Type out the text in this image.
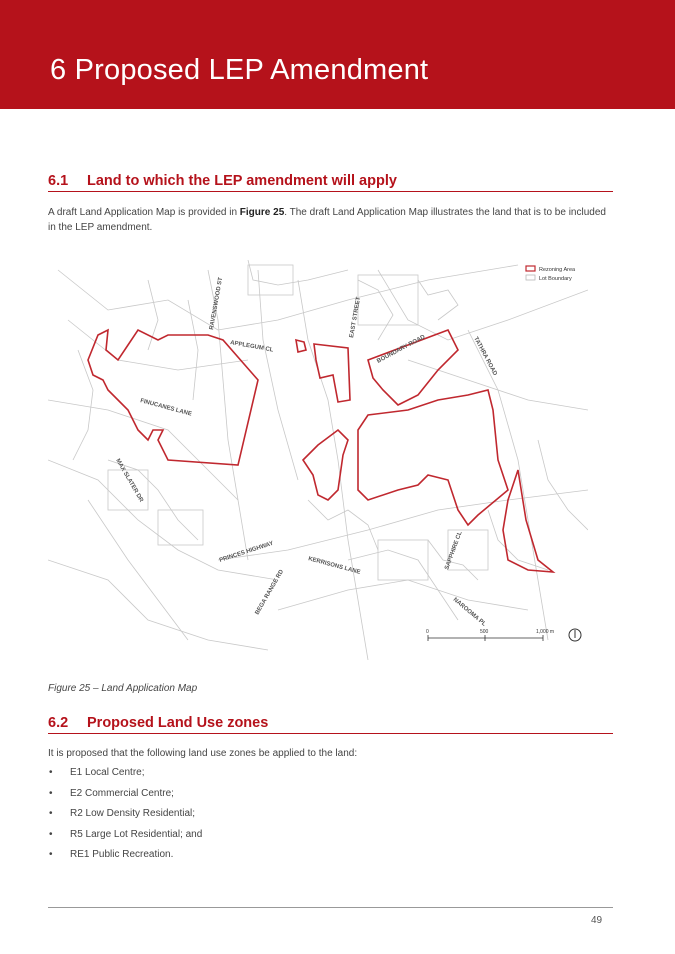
6 Proposed LEP Amendment
6.1 Land to which the LEP amendment will apply
A draft Land Application Map is provided in Figure 25. The draft Land Application Map illustrates the land that is to be included in the LEP amendment.
Rezoning Area
Lot Boundary
RAVENSWOOD ST	EAST STREET
APPLEGUM CL	BOUNDARY ROAD	TATHRA ROAD
FINUCANES LANE
MAX SLATER DR
PRINCES HIGHWAY
KERRISONS LANE	SAPPHIRE CL
BEGA RANGE RD	NAROOMA PL
0	500	1,000 m
Figure 25 – Land Application Map
6.2 Proposed Land Use zones
It is proposed that the following land use zones be applied to the land:
• E1 Local Centre;
• E2 Commercial Centre;
• R2 Low Density Residential;
• R5 Large Lot Residential; and
• RE1 Public Recreation.
49
